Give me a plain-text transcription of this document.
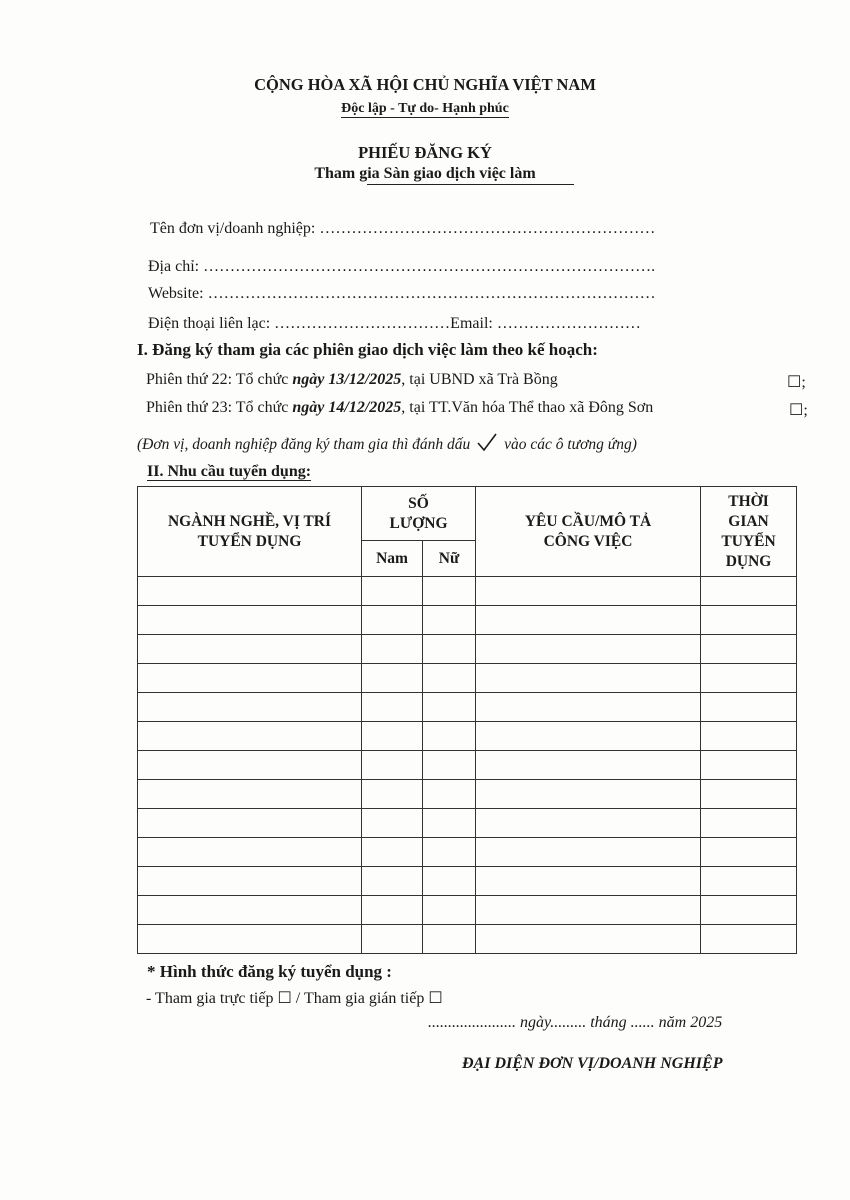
CỘNG HÒA XÃ HỘI CHỦ NGHĨA VIỆT NAM
Độc lập - Tự do- Hạnh phúc
PHIẾU ĐĂNG KÝ
Tham gia Sàn giao dịch việc làm
Tên đơn vị/doanh nghiệp: ………………………………………………………
Địa chỉ: ………………………………………………………………………….
Website: …………………………………………………………………………
Điện thoại liên lạc: ……………………………Email: ………………………
I. Đăng ký tham gia các phiên giao dịch việc làm theo kế hoạch:
Phiên thứ 22: Tổ chức ngày 13/12/2025, tại UBND xã Trà Bồng	☐;
Phiên thứ 23: Tổ chức ngày 14/12/2025, tại TT.Văn hóa Thể thao xã Đông Sơn	☐;
(Đơn vị, doanh nghiệp đăng ký tham gia thì đánh dấu vào các ô tương ứng)
II. Nhu cầu tuyển dụng:
NGÀNH NGHỀ, VỊ TRÍ TUYỂN DỤNG	SỐ LƯỢNG		YÊU CẦU/MÔ TẢ CÔNG VIỆC	THỜI GIAN TUYỂN DỤNG
	Nam	Nữ		

* Hình thức đăng ký tuyển dụng :
- Tham gia trực tiếp ☐ / Tham gia gián tiếp ☐
...................... ngày......... tháng ...... năm 2025
ĐẠI DIỆN ĐƠN VỊ/DOANH NGHIỆP
